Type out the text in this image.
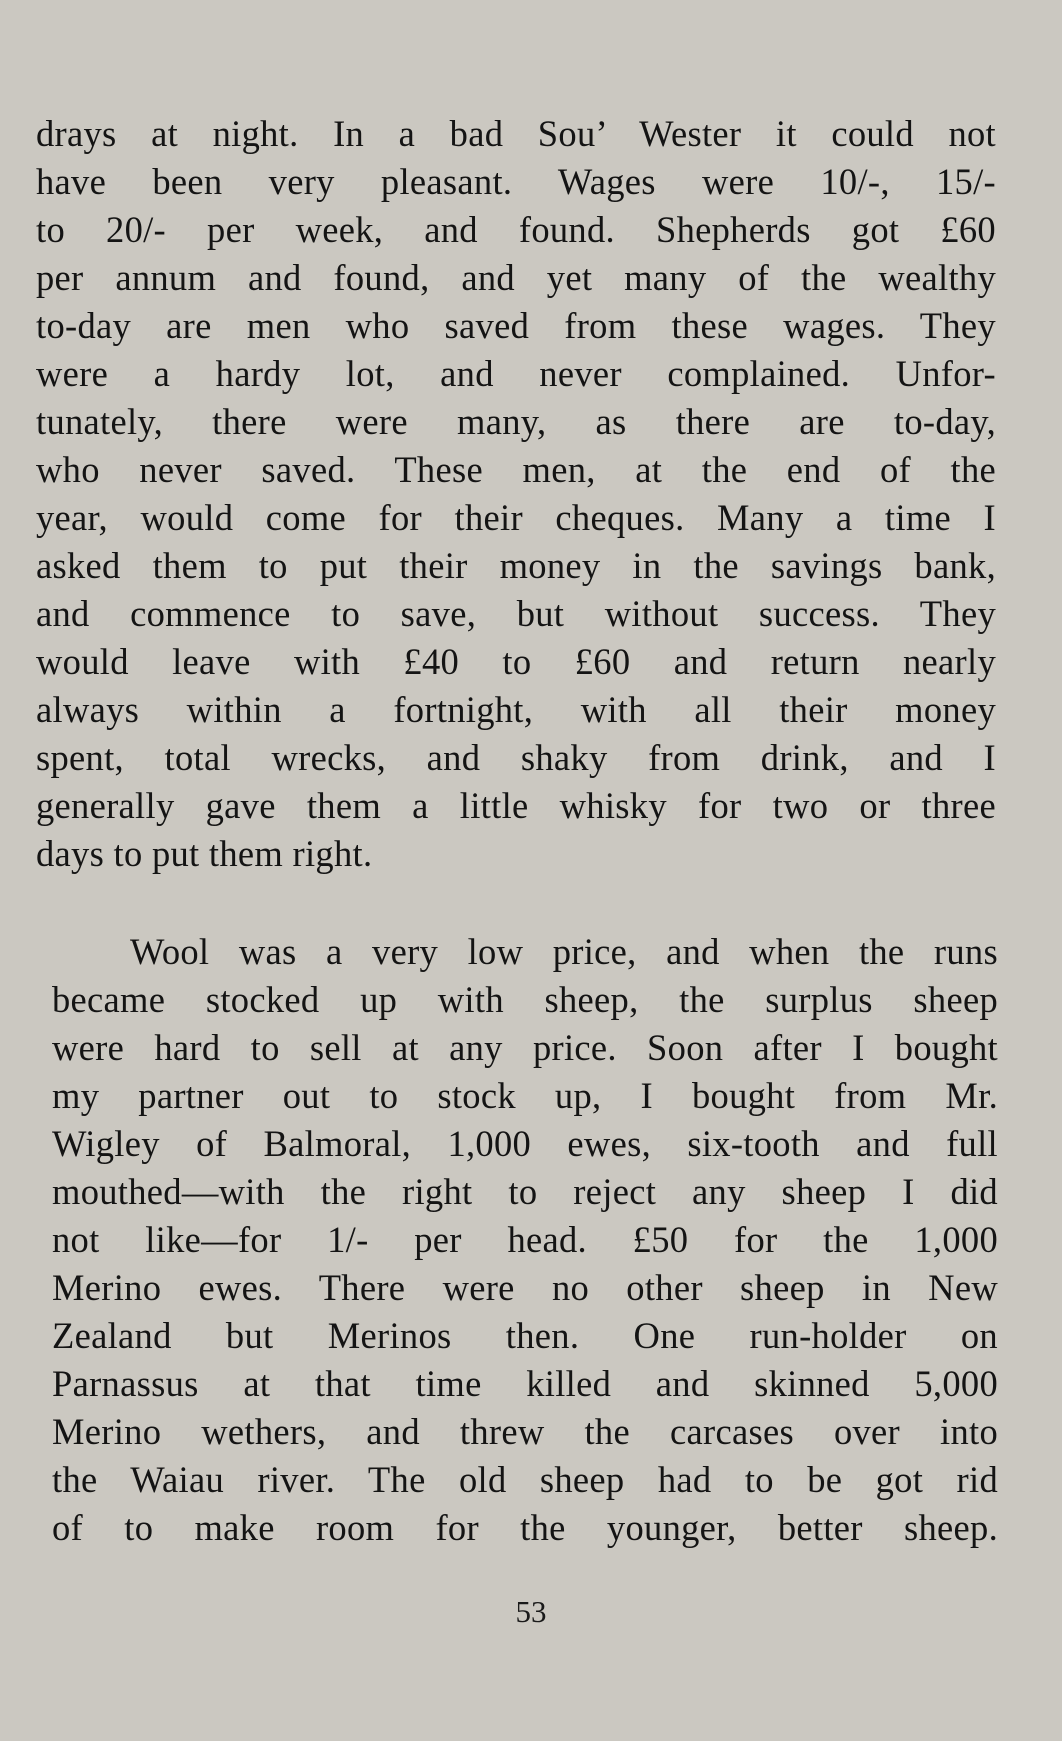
drays at night. In a bad Sou’ Wester it could not
have been very pleasant. Wages were 10/-, 15/-
to 20/- per week, and found. Shepherds got £60
per annum and found, and yet many of the wealthy
to-day are men who saved from these wages. They
were a hardy lot, and never complained. Unfor-
tunately, there were many, as there are to-day,
who never saved. These men, at the end of the
year, would come for their cheques. Many a time I
asked them to put their money in the savings bank,
and commence to save, but without success. They
would leave with £40 to £60 and return nearly
always within a fortnight, with all their money
spent, total wrecks, and shaky from drink, and I
generally gave them a little whisky for two or three
days to put them right.
Wool was a very low price, and when the runs
became stocked up with sheep, the surplus sheep
were hard to sell at any price. Soon after I bought
my partner out to stock up, I bought from Mr.
Wigley of Balmoral, 1,000 ewes, six-tooth and full
mouthed—with the right to reject any sheep I did
not like—for 1/- per head. £50 for the 1,000
Merino ewes. There were no other sheep in New
Zealand but Merinos then. One run-holder on
Parnassus at that time killed and skinned 5,000
Merino wethers, and threw the carcases over into
the Waiau river. The old sheep had to be got rid
of to make room for the younger, better sheep.
53
